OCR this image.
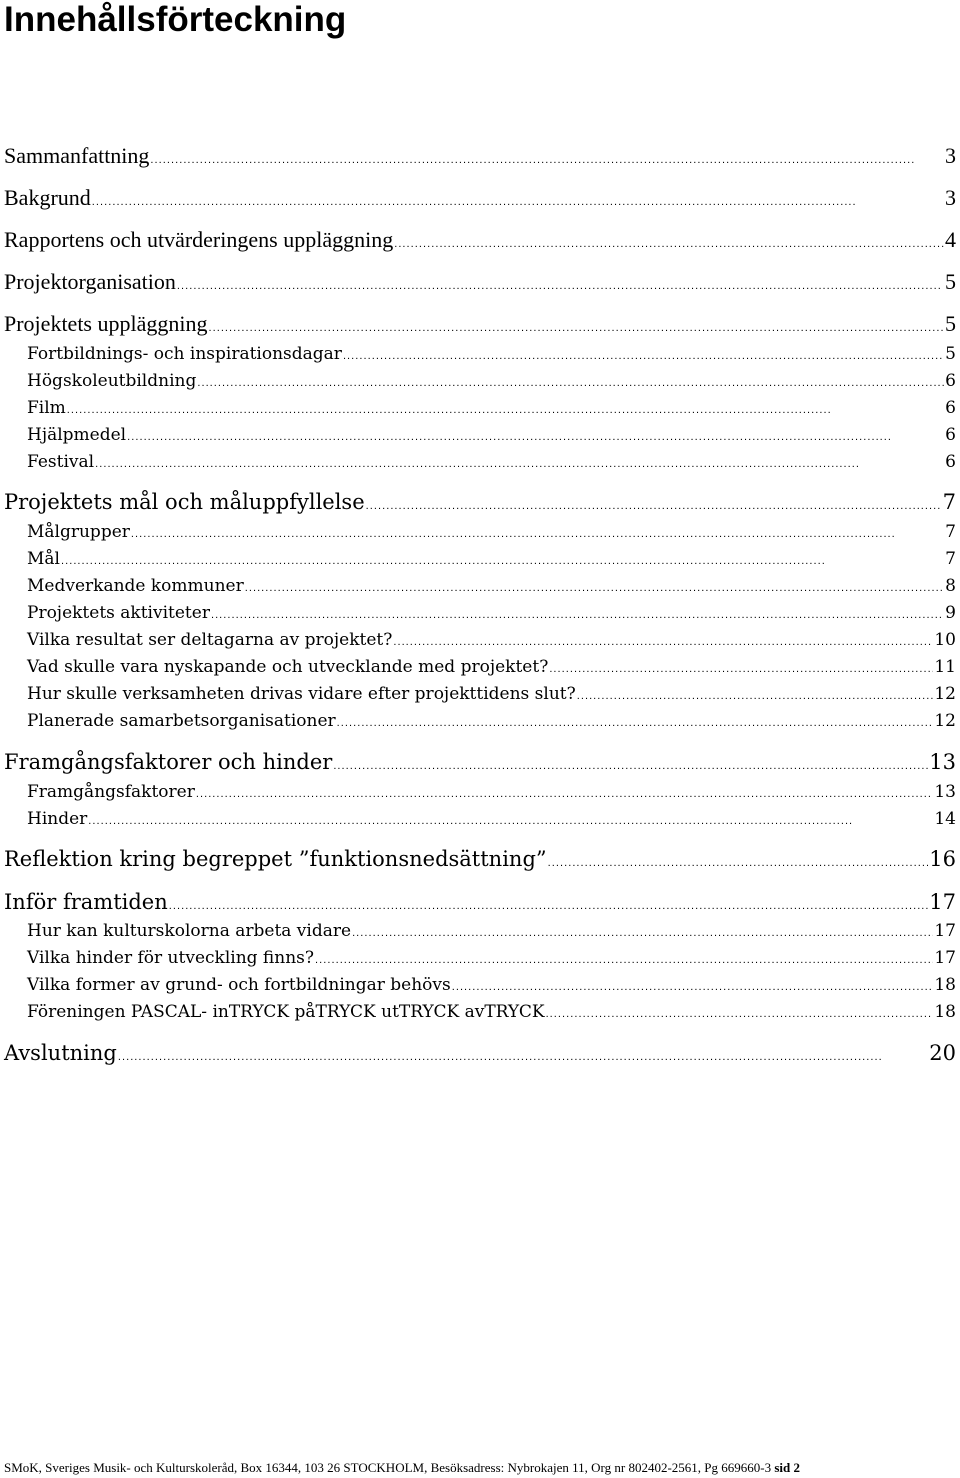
Innehållsförteckning
Sammanfattning . . .	3
Bakgrund . . .	3
Rapportens och utvärderingens uppläggning . . .	4
Projektorganisation . . .	5
Projektets uppläggning . . .	5
Fortbildnings- och inspirationsdagar . . .	5
Högskoleutbildning . . .	6
Film . . .	6
Hjälpmedel . . .	6
Festival . . .	6
Projektets mål och måluppfyllelse . . .	7
Målgrupper . . .	7
Mål . . .	7
Medverkande kommuner . . .	8
Projektets aktiviteter . . .	9
Vilka resultat ser deltagarna av projektet? . . .	10
Vad skulle vara nyskapande och utvecklande med projektet? . . .	11
Hur skulle verksamheten drivas vidare efter projekttidens slut? . . .	12
Planerade samarbetsorganisationer . . .	12
Framgångsfaktorer och hinder . . .	13
Framgångsfaktorer . . .	13
Hinder . . .	14
Reflektion kring begreppet ”funktionsnedsättning” . . .	16
Inför framtiden . . .	17
Hur kan kulturskolorna arbeta vidare . . .	17
Vilka hinder för utveckling finns? . . .	17
Vilka former av grund- och fortbildningar behövs . . .	18
Föreningen PASCAL- inTRYCK påTRYCK utTRYCK avTRYCK . . .	18
Avslutning . . .	20
SMoK, Sveriges Musik- och Kulturskoleråd, Box 16344, 103 26 STOCKHOLM, Besöksadress: Nybrokajen 11, Org nr 802402-2561, Pg 669660-3 sid 2
